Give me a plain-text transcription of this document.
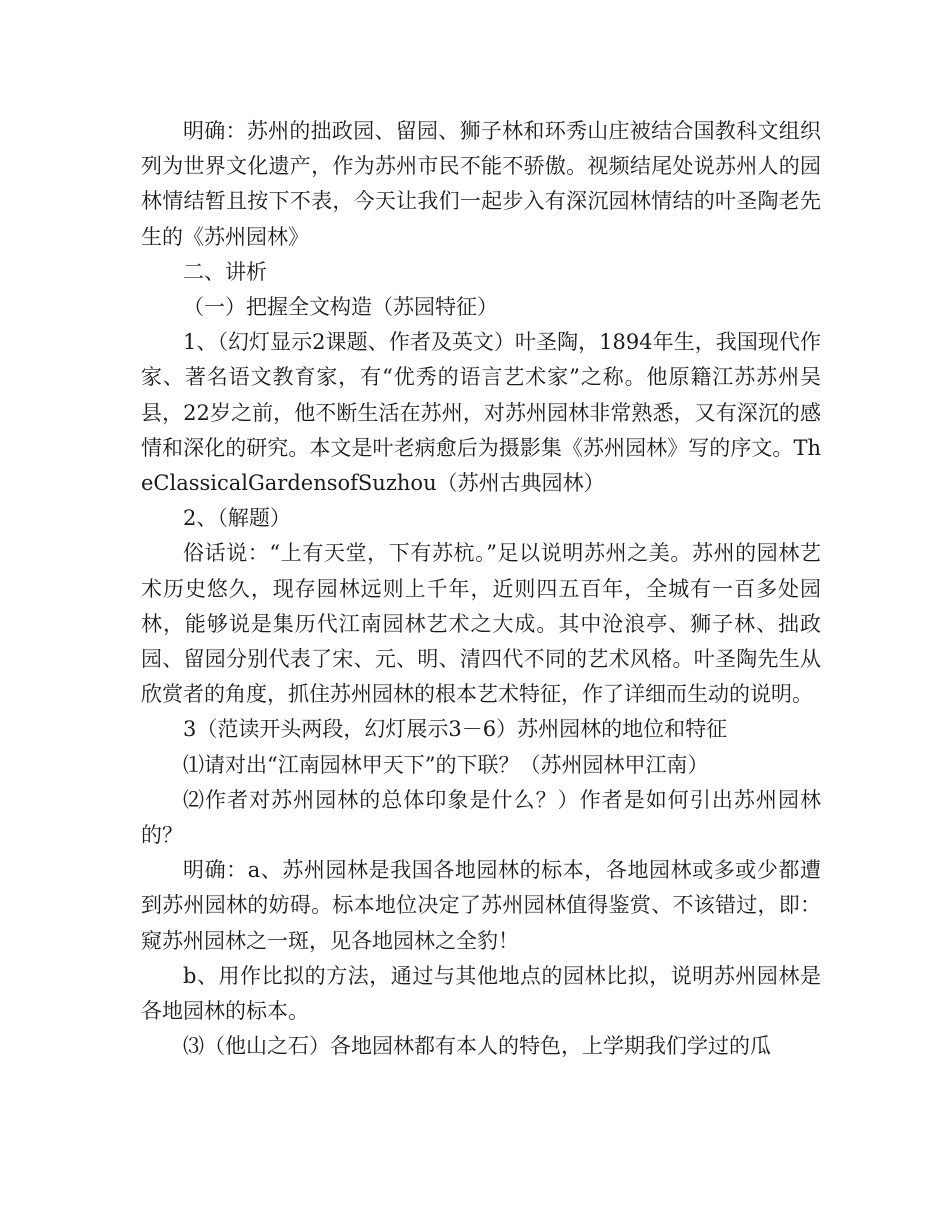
明确：苏州的拙政园、留园、狮子林和环秀山庄被结合国教科文组织列为世界文化遗产，作为苏州市民不能不骄傲。视频结尾处说苏州人的园林情结暂且按下不表，今天让我们一起步入有深沉园林情结的叶圣陶老先生的《苏州园林》

二、讲析

（一）把握全文构造（苏园特征）

1、（幻灯显示2课题、作者及英文）叶圣陶，1894年生，我国现代作家、著名语文教育家，有“优秀的语言艺术家”之称。他原籍江苏苏州吴县，22岁之前，他不断生活在苏州，对苏州园林非常熟悉，又有深沉的感情和深化的研究。本文是叶老病愈后为摄影集《苏州园林》写的序文。TheClassicalGardensofSuzhou（苏州古典园林）

2、（解题）

俗话说：“上有天堂，下有苏杭。”足以说明苏州之美。苏州的园林艺术历史悠久，现存园林远则上千年，近则四五百年，全城有一百多处园林，能够说是集历代江南园林艺术之大成。其中沧浪亭、狮子林、拙政园、留园分别代表了宋、元、明、清四代不同的艺术风格。叶圣陶先生从欣赏者的角度，抓住苏州园林的根本艺术特征，作了详细而生动的说明。

3（范读开头两段，幻灯展示3－6）苏州园林的地位和特征

⑴请对出“江南园林甲天下”的下联？（苏州园林甲江南）

⑵作者对苏州园林的总体印象是什么？）作者是如何引出苏州园林的？

明确：a、苏州园林是我国各地园林的标本，各地园林或多或少都遭到苏州园林的妨碍。标本地位决定了苏州园林值得鉴赏、不该错过，即：窥苏州园林之一斑，见各地园林之全豹！

b、用作比拟的方法，通过与其他地点的园林比拟，说明苏州园林是各地园林的标本。

⑶（他山之石）各地园林都有本人的特色，上学期我们学过的瓜
